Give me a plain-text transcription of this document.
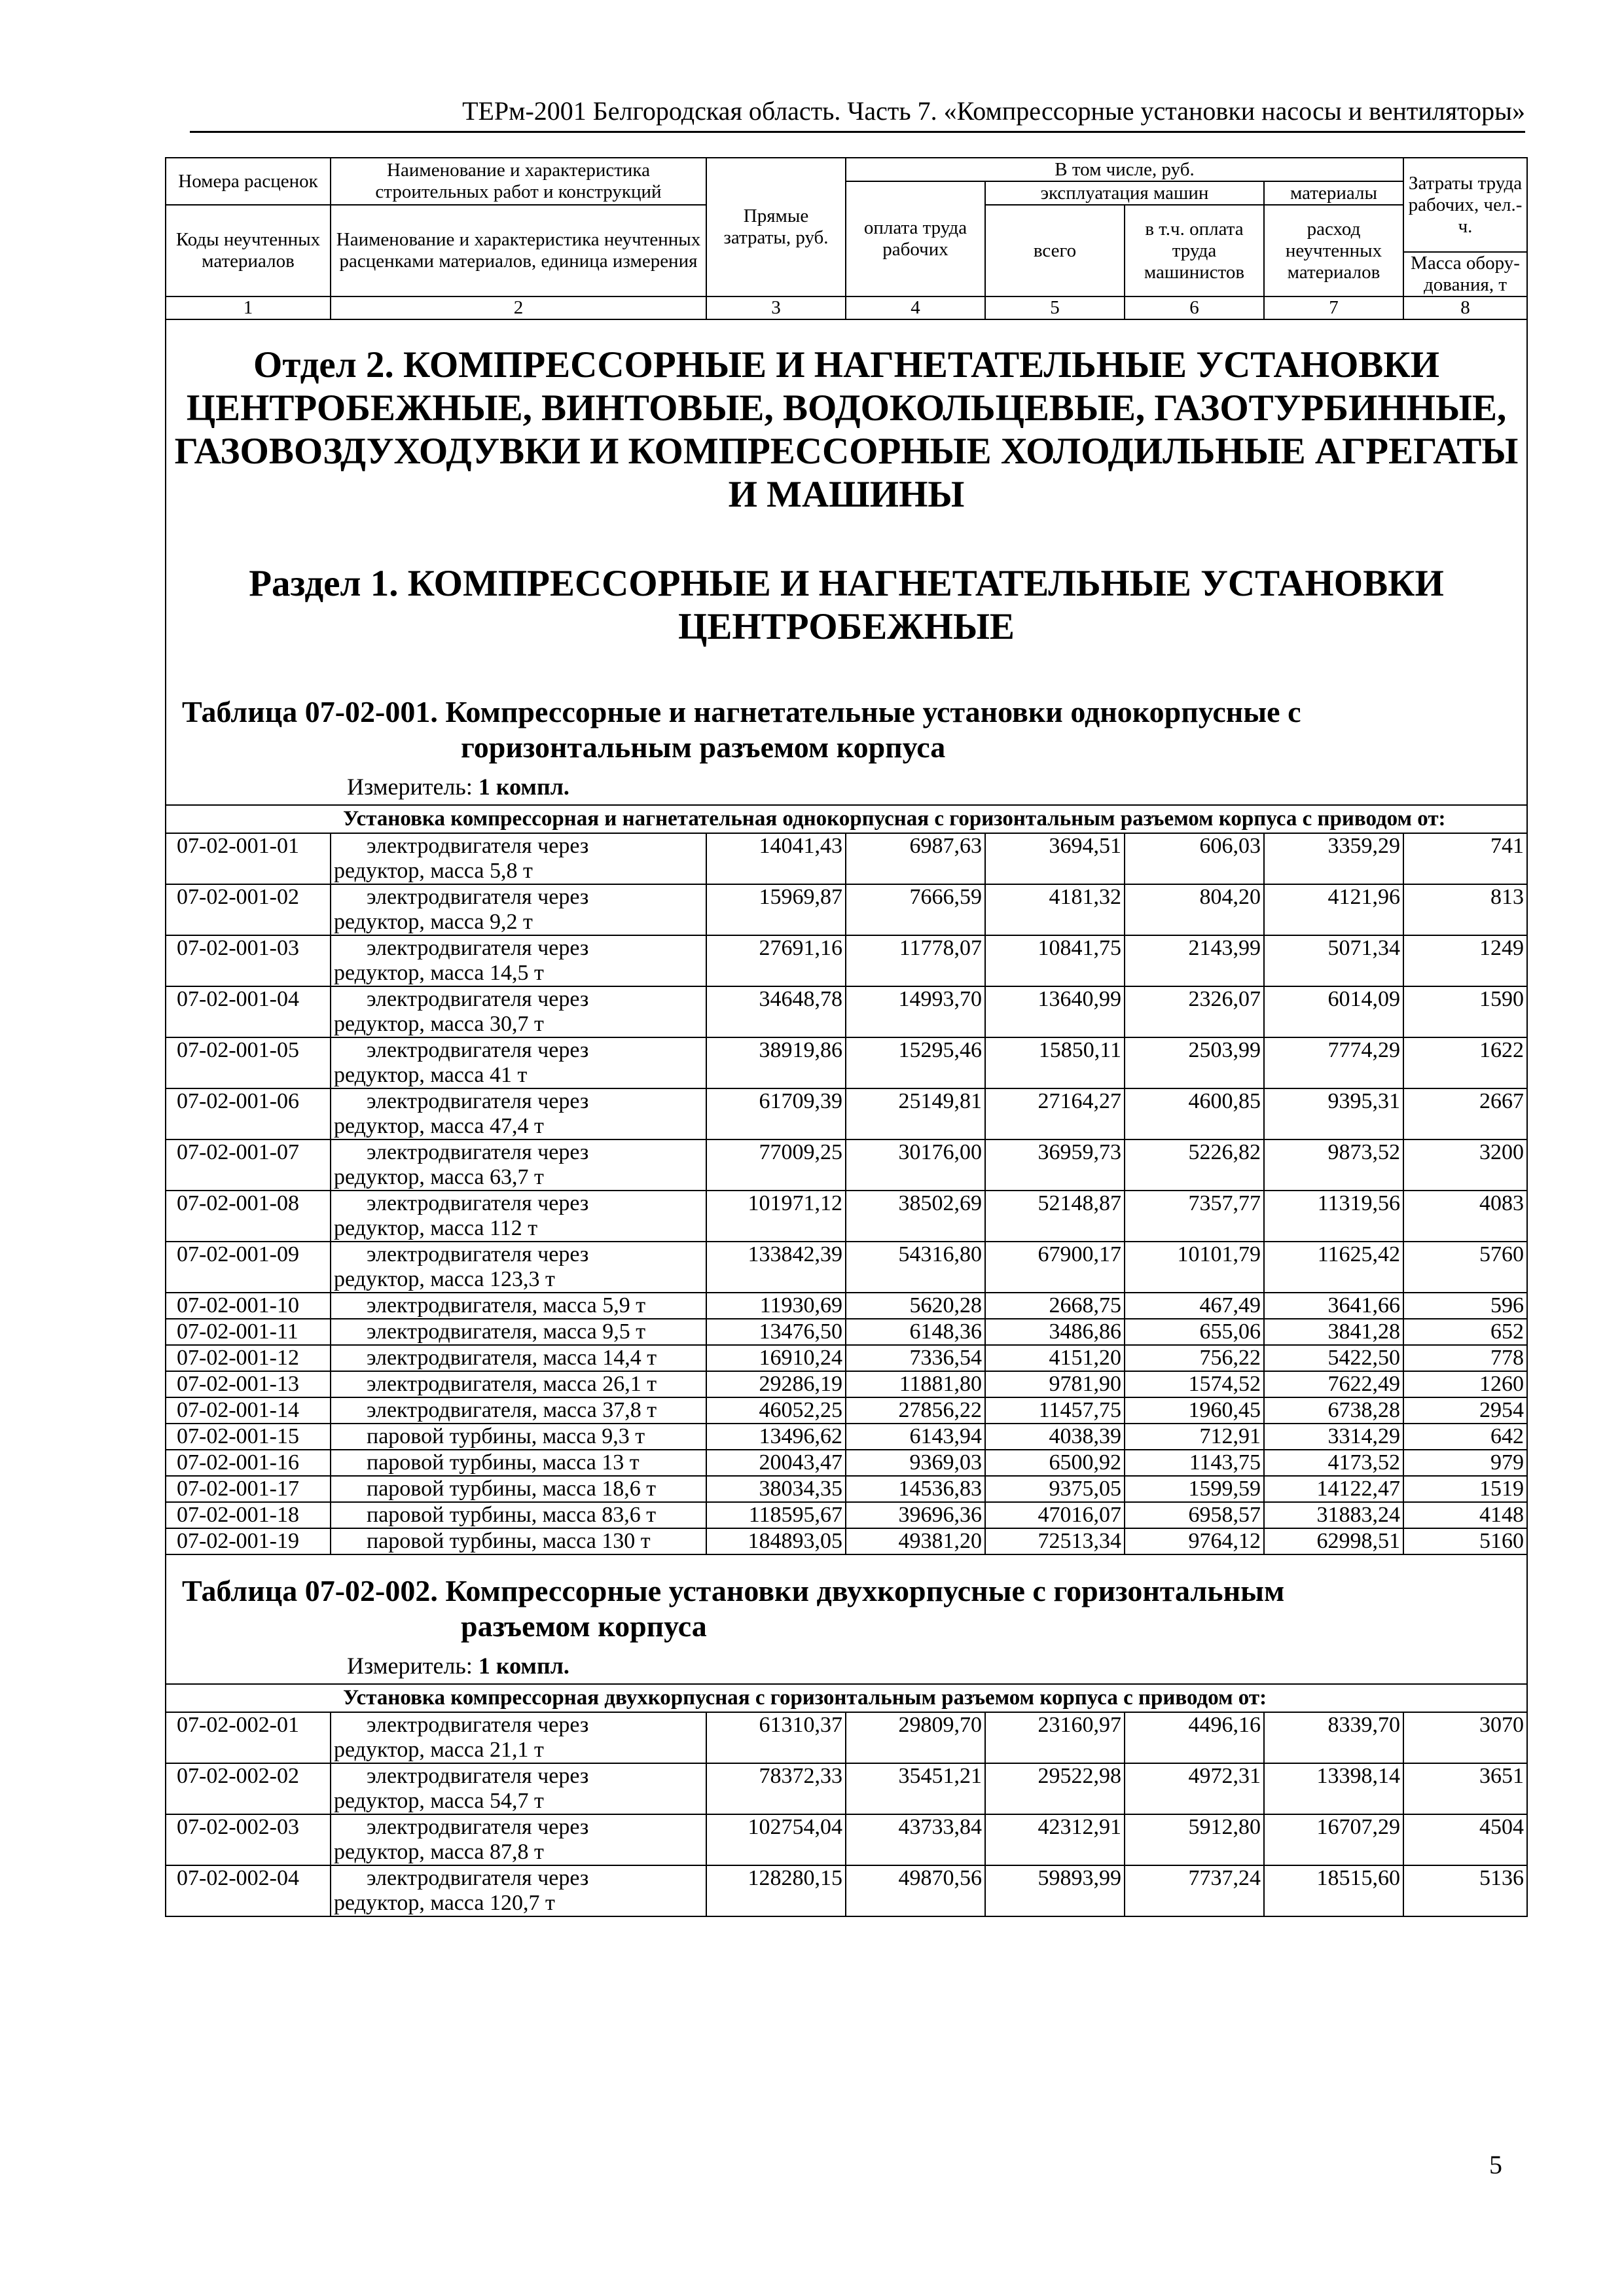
ТЕРм-2001 Белгородская область. Часть 7. «Компрессорные установки насосы и вентиляторы»
Номера расценок	Наименование и характеристика строительных работ и конструкций	Прямые затраты, руб.	В том числе, руб.				Затраты труда рабочих, чел.-ч.
			оплата труда рабочих	эксплуатация машин		материалы	
Коды неучтенных материалов	Наименование и характеристика неучтенных расценками материалов, единица измерения			всего	в т.ч. оплата труда машинистов	расход неучтенных материалов	
							Масса обору-дования, т
1	2	3	4	5	6	7	8

Отдел 2. КОМПРЕССОРНЫЕ И НАГНЕТАТЕЛЬНЫЕ УСТАНОВКИ ЦЕНТРОБЕЖНЫЕ, ВИНТОВЫЕ, ВОДОКОЛЬЦЕВЫЕ, ГАЗОТУРБИННЫЕ, ГАЗОВОЗДУХОДУВКИ И КОМПРЕССОРНЫЕ ХОЛОДИЛЬНЫЕ АГРЕГАТЫ И МАШИНЫ
Раздел 1. КОМПРЕССОРНЫЕ И НАГНЕТАТЕЛЬНЫЕ УСТАНОВКИ ЦЕНТРОБЕЖНЫЕ
Таблица 07-02-001. Компрессорные и нагнетательные установки однокорпусные с
горизонтальным разъемом корпуса
Измеритель: 1 компл.							

Установка компрессорная и нагнетательная однокорпусная с горизонтальным разъемом корпуса с приводом от:							
07-02-001-01	электродвигателя через
редуктор, масса 5,8 т	14041,43	6987,63	3694,51	606,03	3359,29	741
07-02-001-02	электродвигателя через
редуктор, масса 9,2 т	15969,87	7666,59	4181,32	804,20	4121,96	813
07-02-001-03	электродвигателя через
редуктор, масса 14,5 т	27691,16	11778,07	10841,75	2143,99	5071,34	1249
07-02-001-04	электродвигателя через
редуктор, масса 30,7 т	34648,78	14993,70	13640,99	2326,07	6014,09	1590
07-02-001-05	электродвигателя через
редуктор, масса 41 т	38919,86	15295,46	15850,11	2503,99	7774,29	1622
07-02-001-06	электродвигателя через
редуктор, масса 47,4 т	61709,39	25149,81	27164,27	4600,85	9395,31	2667
07-02-001-07	электродвигателя через
редуктор, масса 63,7 т	77009,25	30176,00	36959,73	5226,82	9873,52	3200
07-02-001-08	электродвигателя через
редуктор, масса 112 т	101971,12	38502,69	52148,87	7357,77	11319,56	4083
07-02-001-09	электродвигателя через
редуктор, масса 123,3 т	133842,39	54316,80	67900,17	10101,79	11625,42	5760
07-02-001-10	электродвигателя, масса 5,9 т	11930,69	5620,28	2668,75	467,49	3641,66	596
07-02-001-11	электродвигателя, масса 9,5 т	13476,50	6148,36	3486,86	655,06	3841,28	652
07-02-001-12	электродвигателя, масса 14,4 т	16910,24	7336,54	4151,20	756,22	5422,50	778
07-02-001-13	электродвигателя, масса 26,1 т	29286,19	11881,80	9781,90	1574,52	7622,49	1260
07-02-001-14	электродвигателя, масса 37,8 т	46052,25	27856,22	11457,75	1960,45	6738,28	2954
07-02-001-15	паровой турбины, масса 9,3 т	13496,62	6143,94	4038,39	712,91	3314,29	642
07-02-001-16	паровой турбины, масса 13 т	20043,47	9369,03	6500,92	1143,75	4173,52	979
07-02-001-17	паровой турбины, масса 18,6 т	38034,35	14536,83	9375,05	1599,59	14122,47	1519
07-02-001-18	паровой турбины, масса 83,6 т	118595,67	39696,36	47016,07	6958,57	31883,24	4148
07-02-001-19	паровой турбины, масса 130 т	184893,05	49381,20	72513,34	9764,12	62998,51	5160

Таблица 07-02-002. Компрессорные установки двухкорпусные с горизонтальным
разъемом корпуса
Измеритель: 1 компл.							

Установка компрессорная двухкорпусная с горизонтальным разъемом корпуса с приводом от:							
07-02-002-01	электродвигателя через
редуктор, масса 21,1 т	61310,37	29809,70	23160,97	4496,16	8339,70	3070
07-02-002-02	электродвигателя через
редуктор, масса 54,7 т	78372,33	35451,21	29522,98	4972,31	13398,14	3651
07-02-002-03	электродвигателя через
редуктор, масса 87,8 т	102754,04	43733,84	42312,91	5912,80	16707,29	4504
07-02-002-04	электродвигателя через
редуктор, масса 120,7 т	128280,15	49870,56	59893,99	7737,24	18515,60	5136
5
